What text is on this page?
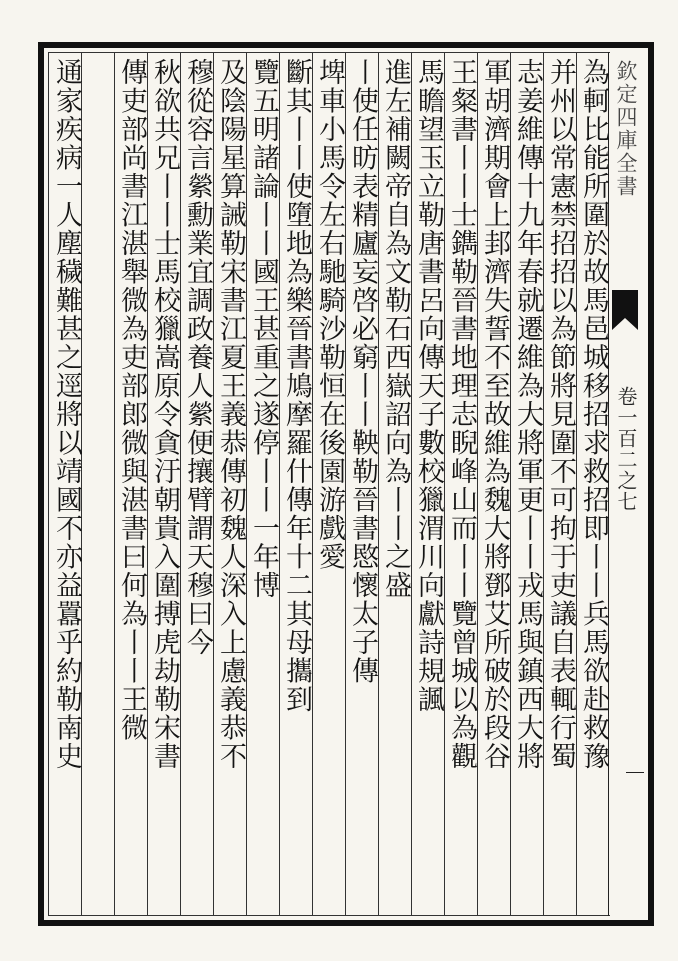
欽定四庫全書
卷一百二之七
為軻比能所圍於故馬邑城移招求救招即丨丨兵馬欲赴救豫
并州以常憲禁招招以為節將見圍不可拘于吏議自表輒行蜀
志姜維傳十九年春就遷維為大將軍更丨丨戎馬與鎮西大將
軍胡濟期會上邽濟失誓不至故維為魏大將鄧艾所破於段谷
王粲書丨丨士鐫勒晉書地理志睨峰山而丨丨覽曾城以為觀
馬瞻望玉立勒唐書呂向傳天子數校獵渭川向獻詩規諷
進左補闕帝自為文勒石西嶽詔向為丨丨之盛
丨使任昉表精廬妄啓必窮丨丨鞅勒晉書愍懷太子傳
埤車小馬令左右馳騎沙勒恒在後園游戲愛
斷其丨丨使墮地為樂晉書鳩摩羅什傳年十二其母攜到
覽五明諸論丨丨國王甚重之遂停丨丨一年博
及陰陽星算誡勒宋書江夏王義恭傳初魏人深入上慮義恭不
穆從容言縈勳業宜調政養人縈便攘臂謂天穆曰今
秋欲共兄丨丨士馬校獵嵩原令貪汙朝貴入圍搏虎劫勒宋書
傳吏部尚書江湛舉微為吏部郎微與湛書曰何為丨丨王微
通家疾病一人塵穢難甚之逕將以靖國不亦益囂乎約勒南史
